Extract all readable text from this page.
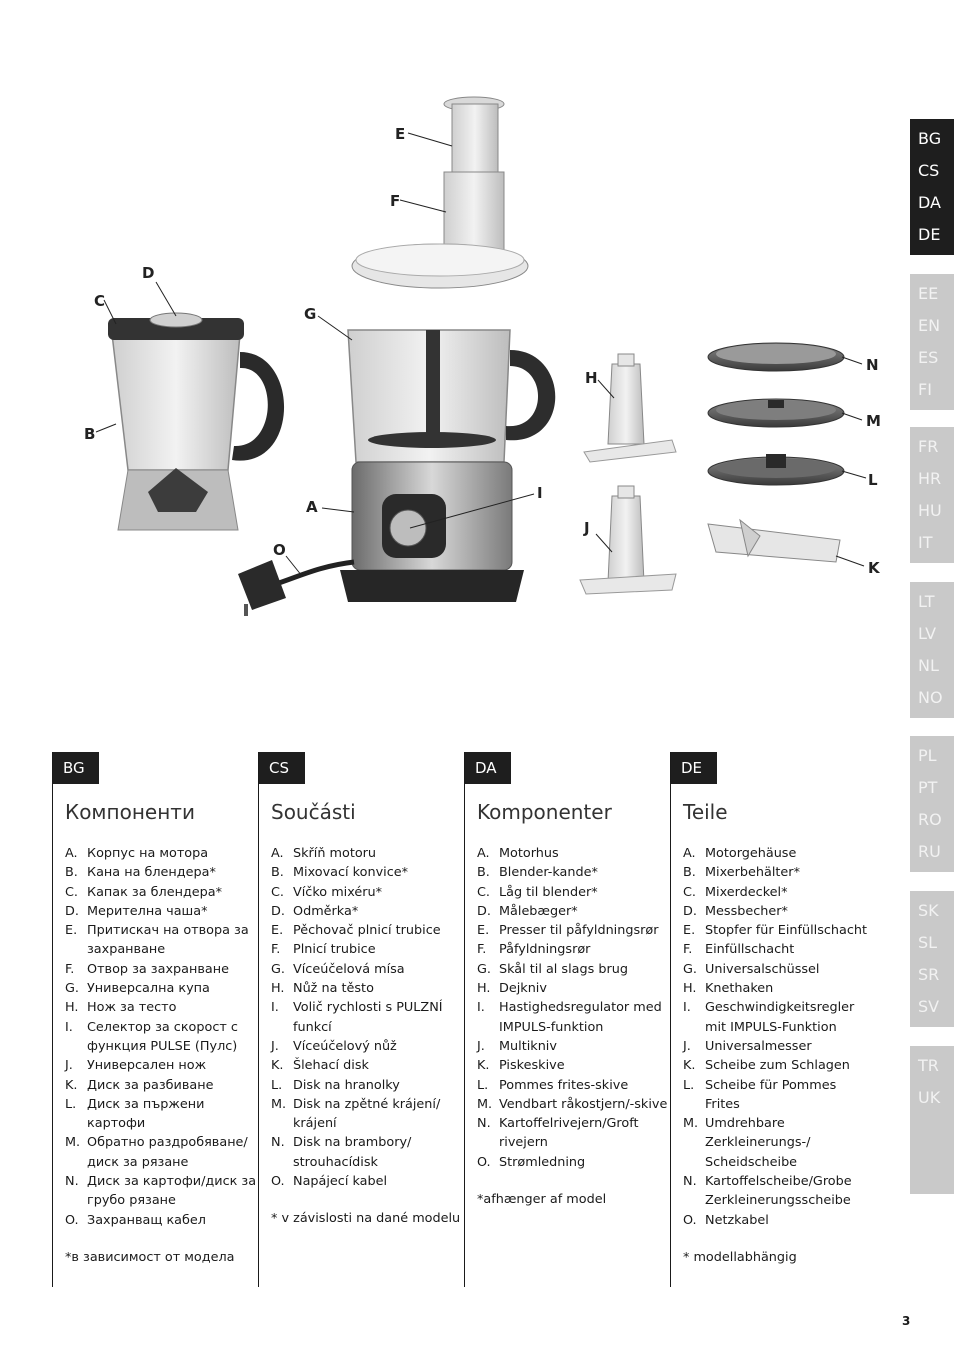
E
F
D
C
G
B
A
I
O
H
J
N
M
L
K
BG
CS
DA
DE
EE
EN
ES
FI
FR
HR
HU
IT
LT
LV
NL
NO
PL
PT
RO
RU
SK
SL
SR
SV
TR
UK
BG
Компоненти
A. Корпус на мотора
B. Кана на блендера*
C. Капак за блендера*
D. Мерителна чаша*
E. Притискач на отвора за захранване
F. Отвор за захранване
G. Универсална купа
H. Нож за тесто
I.	Селектор за скорост с функция PULSE (Пулс)
J.	Универсален нож
K. Диск за разбиване
L. Диск за пържени картофи
M. Обратно раздробяване/ диск за рязане
N. Диск за картофи/диск за грубо рязане
O. Захранващ кабел
*в зависимост от модела
CS
Součásti
A. Skříň motoru
B. Mixovací konvice*
C. Víčko mixéru*
D. Odměrka*
E. Pěchovač plnicí trubice
F. Plnicí trubice
G. Víceúčelová mísa
H. Nůž na těsto
I.	Volič rychlosti s PULZNÍ funkcí
J.	Víceúčelový nůž
K. Šlehací disk
L. Disk na hranolky
M. Disk na zpětné krájení/ krájení
N. Disk na brambory/ strouhacídisk
O. Napájecí kabel
* v závislosti na dané modelu
DA
Komponenter
A. Motorhus
B. Blender-kande*
C. Låg til blender*
D. Målebæger*
E. Presser til påfyldningsrør
F. Påfyldningsrør
G. Skål til al slags brug
H. Dejkniv
I.	Hastighedsregulator med IMPULS-funktion
J.	Multikniv
K. Piskeskive
L. Pommes frites-skive
M. Vendbart råkostjern/-skive
N. Kartoffelrivejern/Groft rivejern
O. Strømledning
*afhænger af model
DE
Teile
A. Motorgehäuse
B. Mixerbehälter*
C. Mixerdeckel*
D. Messbecher*
E. Stopfer für Einfüllschacht
F. Einfüllschacht
G. Universalschüssel
H. Knethaken
I.	Geschwindigkeitsregler mit IMPULS-Funktion
J.	Universalmesser
K. Scheibe zum Schlagen
L. Scheibe für Pommes Frites
M. Umdrehbare Zerkleinerungs-/ Scheidscheibe
N. Kartoffelscheibe/Grobe Zerkleinerungsscheibe
O. Netzkabel
* modellabhängig
3
